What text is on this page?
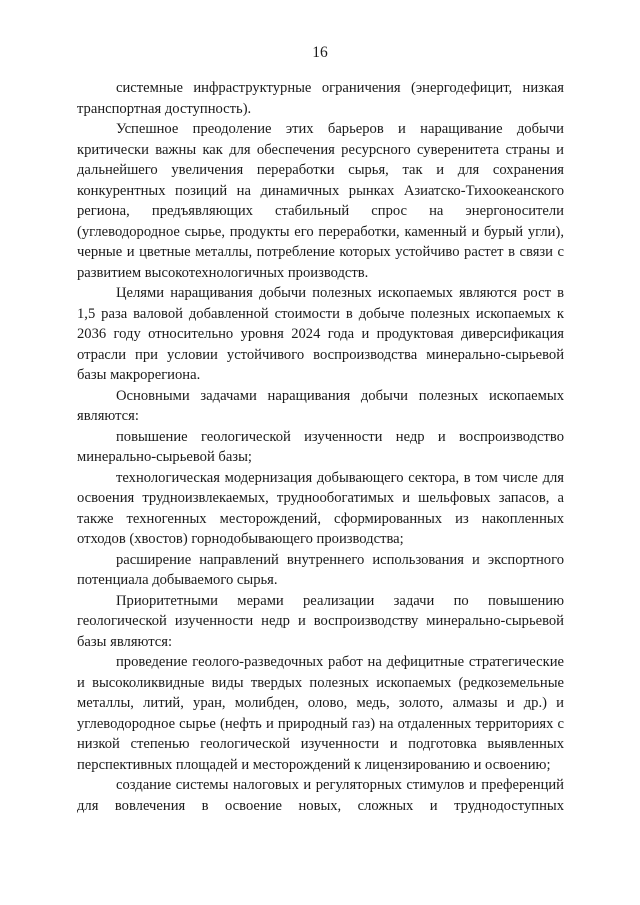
16

системные инфраструктурные ограничения (энергодефицит, низкая транспортная доступность).

Успешное преодоление этих барьеров и наращивание добычи критически важны как для обеспечения ресурсного суверенитета страны и дальнейшего увеличения переработки сырья, так и для сохранения конкурентных позиций на динамичных рынках Азиатско-Тихоокеанского региона, предъявляющих стабильный спрос на энергоносители (углеводородное сырье, продукты его переработки, каменный и бурый угли), черные и цветные металлы, потребление которых устойчиво растет в связи с развитием высокотехнологичных производств.

Целями наращивания добычи полезных ископаемых являются рост в 1,5 раза валовой добавленной стоимости в добыче полезных ископаемых к 2036 году относительно уровня 2024 года и продуктовая диверсификация отрасли при условии устойчивого воспроизводства минерально-сырьевой базы макрорегиона.

Основными задачами наращивания добычи полезных ископаемых являются:

повышение геологической изученности недр и воспроизводство минерально-сырьевой базы;

технологическая модернизация добывающего сектора, в том числе для освоения трудноизвлекаемых, труднообогатимых и шельфовых запасов, а также техногенных месторождений, сформированных из накопленных отходов (хвостов) горнодобывающего производства;

расширение направлений внутреннего использования и экспортного потенциала добываемого сырья.

Приоритетными мерами реализации задачи по повышению геологической изученности недр и воспроизводству минерально-сырьевой базы являются:

проведение геолого-разведочных работ на дефицитные стратегические и высоколиквидные виды твердых полезных ископаемых (редкоземельные металлы, литий, уран, молибден, олово, медь, золото, алмазы и др.) и углеводородное сырье (нефть и природный газ) на отдаленных территориях с низкой степенью геологической изученности и подготовка выявленных перспективных площадей и месторождений к лицензированию и освоению;

создание системы налоговых и регуляторных стимулов и преференций для вовлечения в освоение новых, сложных и труднодоступных
